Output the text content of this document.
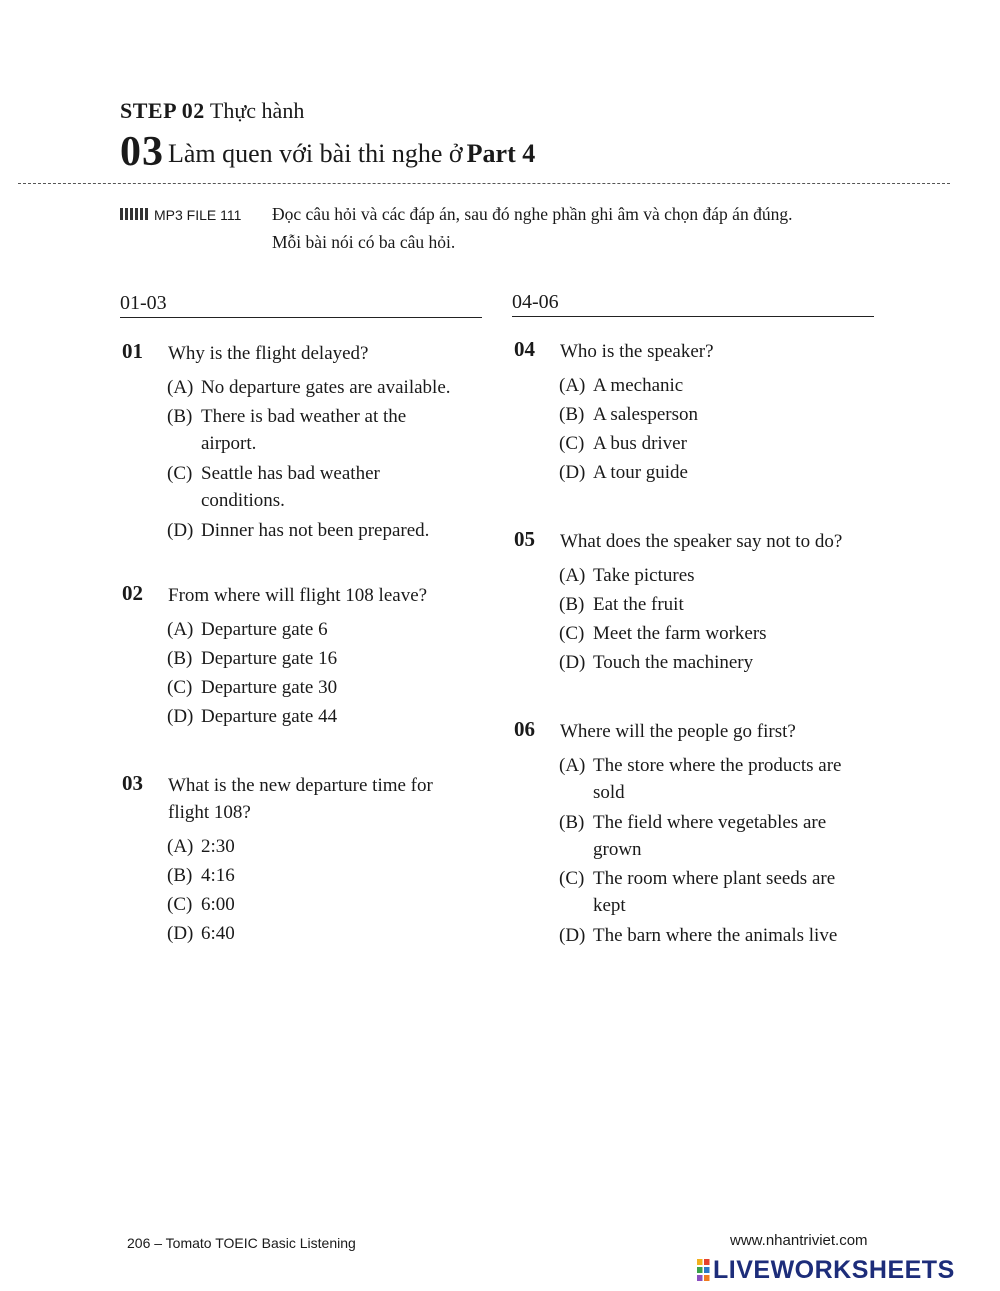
STEP 02 Thực hành
03 Làm quen với bài thi nghe ở Part 4
MP3 FILE 111 Đọc câu hỏi và các đáp án, sau đó nghe phần ghi âm và chọn đáp án đúng.
Mỗi bài nói có ba câu hỏi.
01-03
01 Why is the flight delayed?
(A) No departure gates are available.
(B) There is bad weather at the
airport.
(C) Seattle has bad weather
conditions.
(D) Dinner has not been prepared.
02 From where will flight 108 leave?
(A) Departure gate 6
(B) Departure gate 16
(C) Departure gate 30
(D) Departure gate 44
03 What is the new departure time for
flight 108?
(A) 2:30
(B) 4:16
(C) 6:00
(D) 6:40
04-06
04 Who is the speaker?
(A) A mechanic
(B) A salesperson
(C) A bus driver
(D) A tour guide
05 What does the speaker say not to do?
(A) Take pictures
(B) Eat the fruit
(C) Meet the farm workers
(D) Touch the machinery
06 Where will the people go first?
(A) The store where the products are
sold
(B) The field where vegetables are
grown
(C) The room where plant seeds are
kept
(D) The barn where the animals live
206 – Tomato TOEIC Basic Listening	www.nhantriviet.com
LIVEWORKSHEETS
